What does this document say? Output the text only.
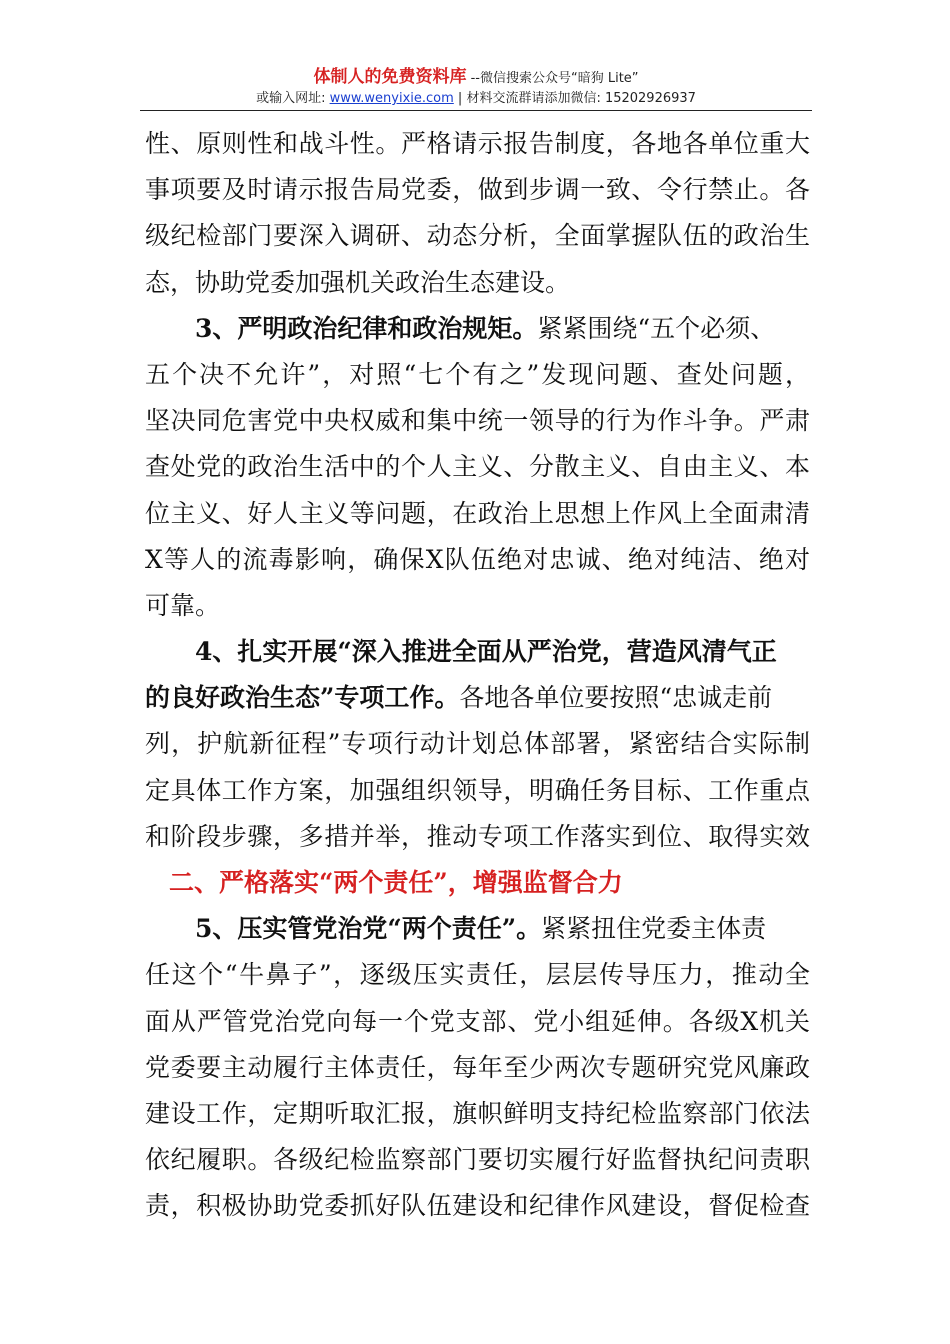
体制人的免费资料库 --微信搜索公众号“暗狗 Lite”
或输入网址: www.wenyixie.com | 材料交流群请添加微信: 15202926937
性、原则性和战斗性。严格请示报告制度，各地各单位重大
事项要及时请示报告局党委，做到步调一致、令行禁止。各
级纪检部门要深入调研、动态分析，全面掌握队伍的政治生
态，协助党委加强机关政治生态建设。
3、严明政治纪律和政治规矩。紧紧围绕“五个必须、
五个决不允许”，对照“七个有之”发现问题、查处问题，
坚决同危害党中央权威和集中统一领导的行为作斗争。严肃
查处党的政治生活中的个人主义、分散主义、自由主义、本
位主义、好人主义等问题，在政治上思想上作风上全面肃清
X等人的流毒影响，确保X队伍绝对忠诚、绝对纯洁、绝对
可靠。
4、扎实开展“深入推进全面从严治党，营造风清气正
的良好政治生态”专项工作。各地各单位要按照“忠诚走前
列，护航新征程”专项行动计划总体部署，紧密结合实际制
定具体工作方案，加强组织领导，明确任务目标、工作重点
和阶段步骤，多措并举，推动专项工作落实到位、取得实效
二、严格落实“两个责任”，增强监督合力
5、压实管党治党“两个责任”。紧紧扭住党委主体责
任这个“牛鼻子”，逐级压实责任，层层传导压力，推动全
面从严管党治党向每一个党支部、党小组延伸。各级X机关
党委要主动履行主体责任，每年至少两次专题研究党风廉政
建设工作，定期听取汇报，旗帜鲜明支持纪检监察部门依法
依纪履职。各级纪检监察部门要切实履行好监督执纪问责职
责，积极协助党委抓好队伍建设和纪律作风建设，督促检查
